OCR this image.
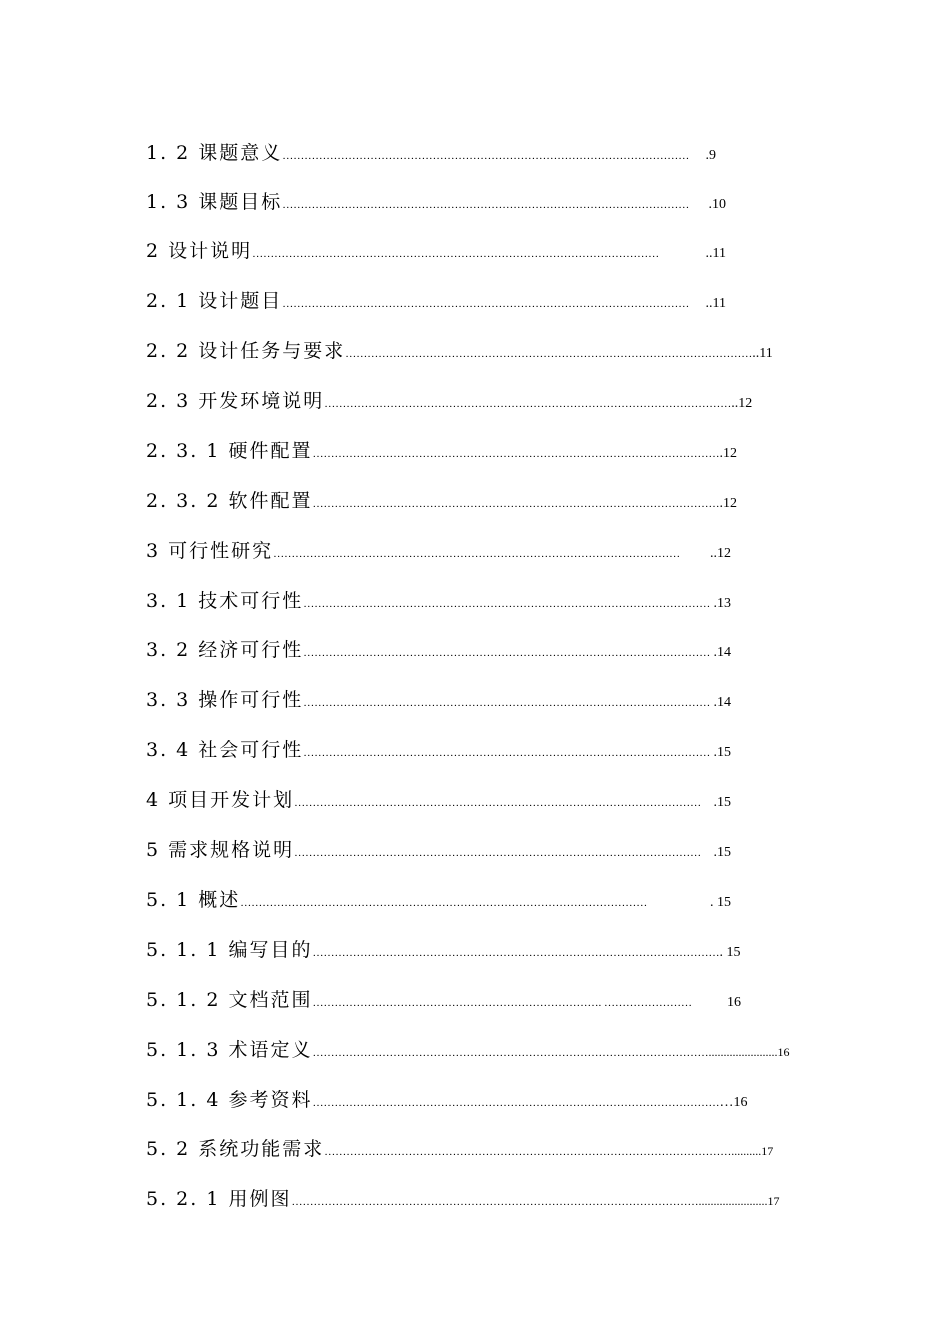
1. 2 课题意义 …………………………………………………………………………………………………	.9
1. 3 课题目标 …………………………………………………………………………………………………	.10
2 设计说明 …………………………………………………………………………………………………	..11
2. 1 设计题目 …………………………………………………………………………………………………	..11
2. 2 设计任务与要求 ………………………………………………………………………………………………… ..11
2. 3 开发环境说明 ………………………………………………………………………………………………… ..12
2. 3. 1 硬件配置 ………………………………………………………………………………………………… .12
2. 3. 2 软件配置 ………………………………………………………………………………………………… .12
3 可行性研究 …………………………………………………………………………………………………	..12
3. 1 技术可行性 ………………………………………………………………………………………………… .13
3. 2 经济可行性 ………………………………………………………………………………………………… .14
3. 3 操作可行性 ………………………………………………………………………………………………… .14
3. 4 社会可行性 ………………………………………………………………………………………………… .15
4 项目开发计划 ………………………………………………………………………………………………… .15
5 需求规格说明 ………………………………………………………………………………………………… .15
5. 1 概述 …………………………………………………………………………………………………	. 15
5. 1. 1 编写目的 ………………………………………………………………………………………………… . 15
5. 1. 2 文档范围 ……………………………………………………………………. ……………………	16
5. 1. 3 术语定义 ……………………………………………………………………………………………… .......................16
5. 1. 4 参考资料 ………………………………………………………………………………………………… …16
5. 2 系统功能需求 ………………………………………………………………………………………………… ..........17
5. 2. 1 用例图 ………………………………………………………………………………………………… .......................17
